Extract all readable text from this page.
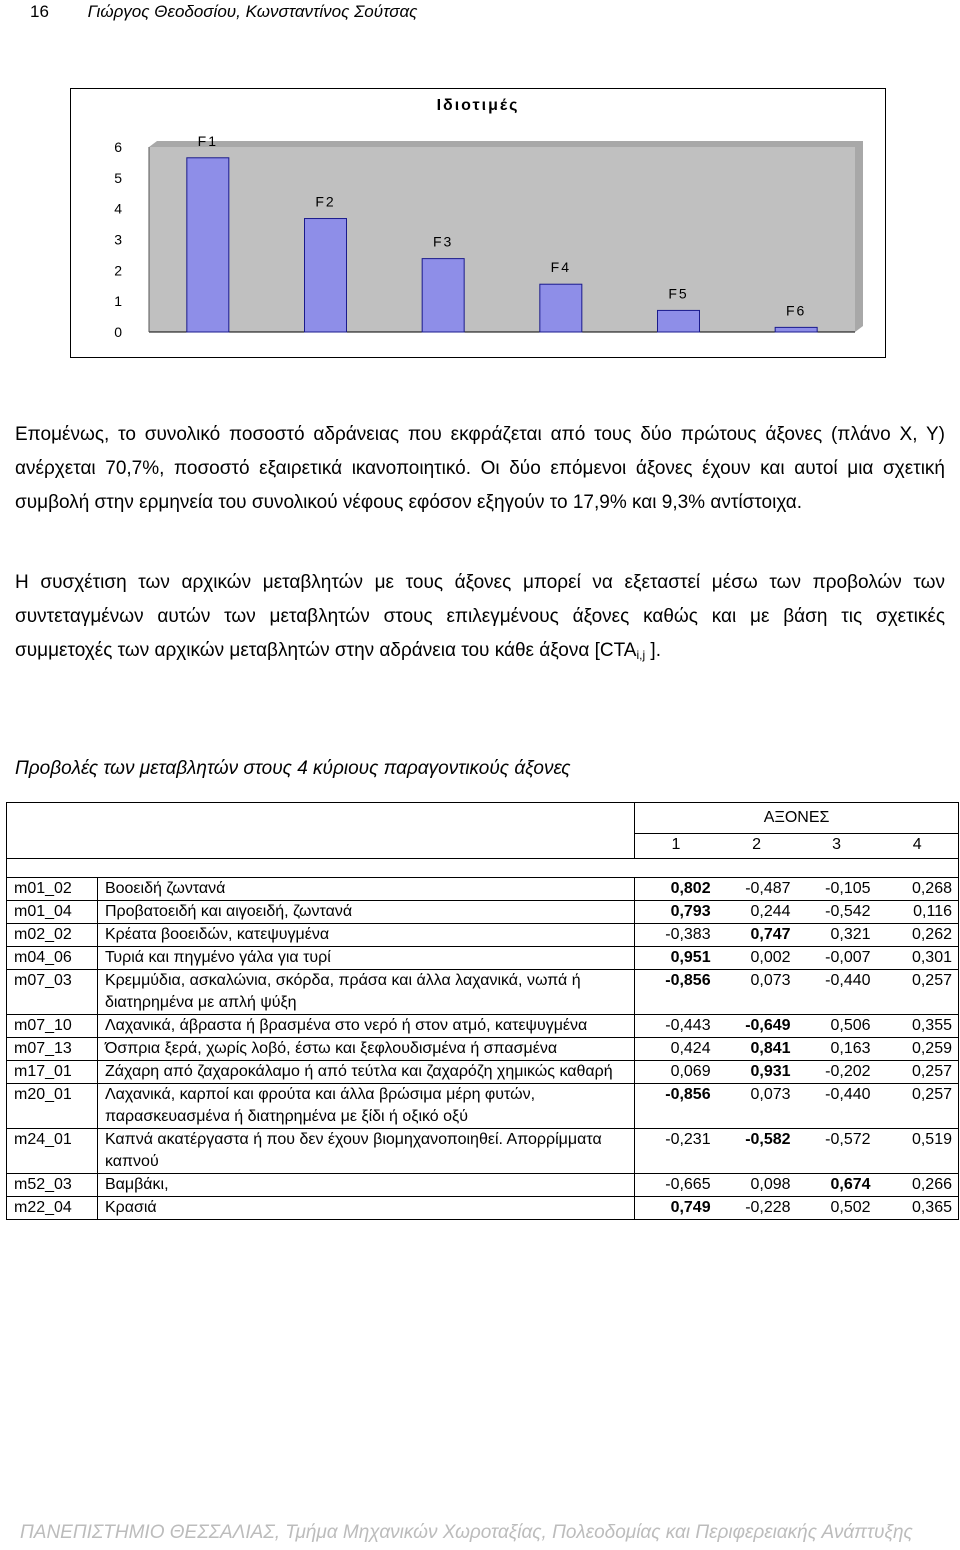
16 Γιώργος Θεοδοσίου, Κωνσταντίνος Σούτσας
Ιδιοτιμές
0
1
2
3
4
5
6	F1
F2
F3
F4
F5
F6
Επομένως, το συνολικό ποσοστό αδράνειας που εκφράζεται από τους δύο πρώτους άξονες (πλάνο Χ, Υ) ανέρχεται 70,7%, ποσοστό εξαιρετικά ικανοποιητικό. Οι δύο επόμενοι άξονες έχουν και αυτοί μια σχετική συμβολή στην ερμηνεία του συνολικού νέφους εφόσον εξηγούν το 17,9% και 9,3% αντίστοιχα.
Η συσχέτιση των αρχικών μεταβλητών με τους άξονες μπορεί να εξεταστεί μέσω των προβολών των συντεταγμένων αυτών των μεταβλητών στους επιλεγμένους άξονες καθώς και με βάση τις σχετικές συμμετοχές των αρχικών μεταβλητών στην αδράνεια του κάθε άξονα [$CTA_{i,j}$ ].
Προβολές των μεταβλητών στους 4 κύριους παραγοντικούς άξονες
		ΑΞΟΝΕΣ			
		1	2	3	4

m01_02	Βοοειδή ζωντανά	0,802	-0,487	-0,105	0,268
m01_04	Προβατοειδή και αιγοειδή, ζωντανά	0,793	0,244	-0,542	0,116
m02_02	Κρέατα βοοειδών, κατεψυγμένα	-0,383	0,747	0,321	0,262
m04_06	Τυριά και πηγμένο γάλα για τυρί	0,951	0,002	-0,007	0,301
m07_03	Κρεμμύδια, ασκαλώνια, σκόρδα, πράσα και άλλα λαχανικά, νωπά ή διατηρημένα με απλή ψύξη	-0,856	0,073	-0,440	0,257
m07_10	Λαχανικά, άβραστα ή βρασμένα στο νερό ή στον ατμό, κατεψυγμένα	-0,443	-0,649	0,506	0,355
m07_13	Όσπρια ξερά, χωρίς λοβό, έστω και ξεφλουδισμένα ή σπασμένα	0,424	0,841	0,163	0,259
m17_01	Ζάχαρη από ζαχαροκάλαμο ή από τεύτλα και ζαχαρόζη χημικώς καθαρή	0,069	0,931	-0,202	0,257
m20_01	Λαχανικά, καρποί και φρούτα και άλλα βρώσιμα μέρη φυτών, παρασκευασμένα ή διατηρημένα με ξίδι ή οξικό οξύ	-0,856	0,073	-0,440	0,257
m24_01	Καπνά ακατέργαστα ή που δεν έχουν βιομηχανοποιηθεί. Απορρίμματα καπνού	-0,231	-0,582	-0,572	0,519
m52_03	Βαμβάκι,	-0,665	0,098	0,674	0,266
m22_04	Κρασιά	0,749	-0,228	0,502	0,365
ΠΑΝΕΠΙΣΤΗΜΙΟ ΘΕΣΣΑΛΙΑΣ, Τμήμα Μηχανικών Χωροταξίας, Πολεοδομίας και Περιφερειακής Ανάπτυξης
